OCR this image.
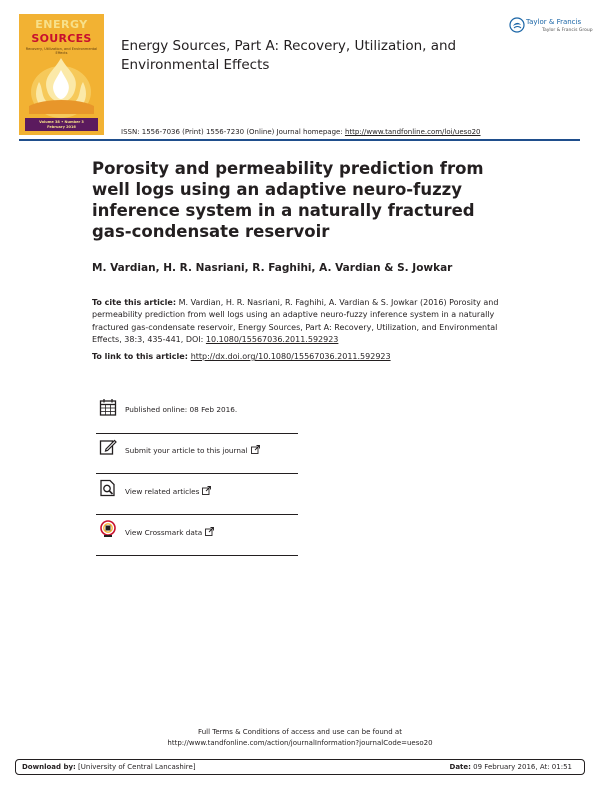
ENERGY
SOURCES
Recovery, Utilization, and Environmental Effects
Volume 38 • Number 3
February 2016
Energy Sources, Part A: Recovery, Utilization, and Environmental Effects
Taylor & Francis
Taylor & Francis Group
ISSN: 1556-7036 (Print) 1556-7230 (Online) Journal homepage: http://www.tandfonline.com/loi/ueso20
Porosity and permeability prediction from well logs using an adaptive neuro-fuzzy inference system in a naturally fractured gas-condensate reservoir
M. Vardian, H. R. Nasriani, R. Faghihi, A. Vardian & S. Jowkar
To cite this article: M. Vardian, H. R. Nasriani, R. Faghihi, A. Vardian & S. Jowkar (2016) Porosity and permeability prediction from well logs using an adaptive neuro-fuzzy inference system in a naturally fractured gas-condensate reservoir, Energy Sources, Part A: Recovery, Utilization, and Environmental Effects, 38:3, 435-441, DOI: 10.1080/15567036.2011.592923
To link to this article: http://dx.doi.org/10.1080/15567036.2011.592923
Published online: 08 Feb 2016.
Submit your article to this journal
View related articles
View Crossmark data
Full Terms & Conditions of access and use can be found at
http://www.tandfonline.com/action/journalInformation?journalCode=ueso20
Download by: [University of Central Lancashire]	Date: 09 February 2016, At: 01:51
